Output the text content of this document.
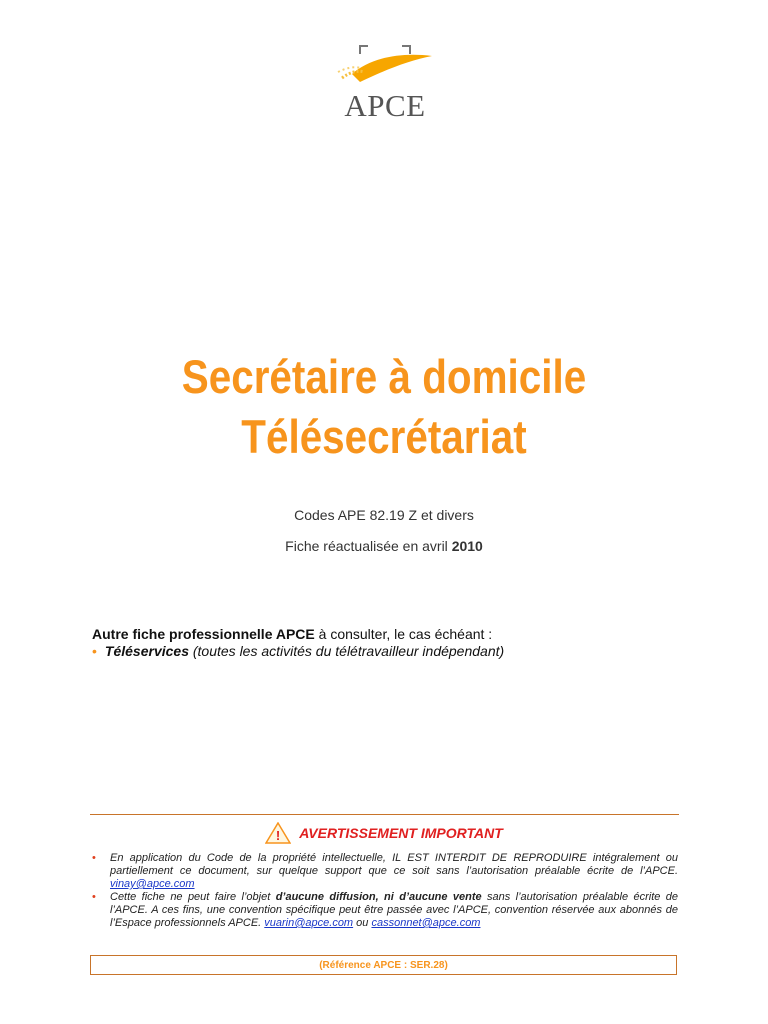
APCE
Secrétaire à domicile
Télésecrétariat
Codes APE 82.19 Z et divers
Fiche réactualisée en avril 2010
Autre fiche professionnelle APCE à consulter, le cas échéant :
• Téléservices (toutes les activités du télétravailleur indépendant)
! AVERTISSEMENT IMPORTANT
• En application du Code de la propriété intellectuelle, IL EST INTERDIT DE REPRODUIRE intégralement ou partiellement ce document, sur quelque support que ce soit sans l’autorisation préalable écrite de l’APCE. vinay@apce.com
• Cette fiche ne peut faire l’objet d’aucune diffusion, ni d’aucune vente sans l’autorisation préalable écrite de l’APCE. A ces fins, une convention spécifique peut être passée avec l’APCE, convention réservée aux abonnés de l’Espace professionnels APCE. vuarin@apce.com ou cassonnet@apce.com
(Référence APCE : SER.28)
